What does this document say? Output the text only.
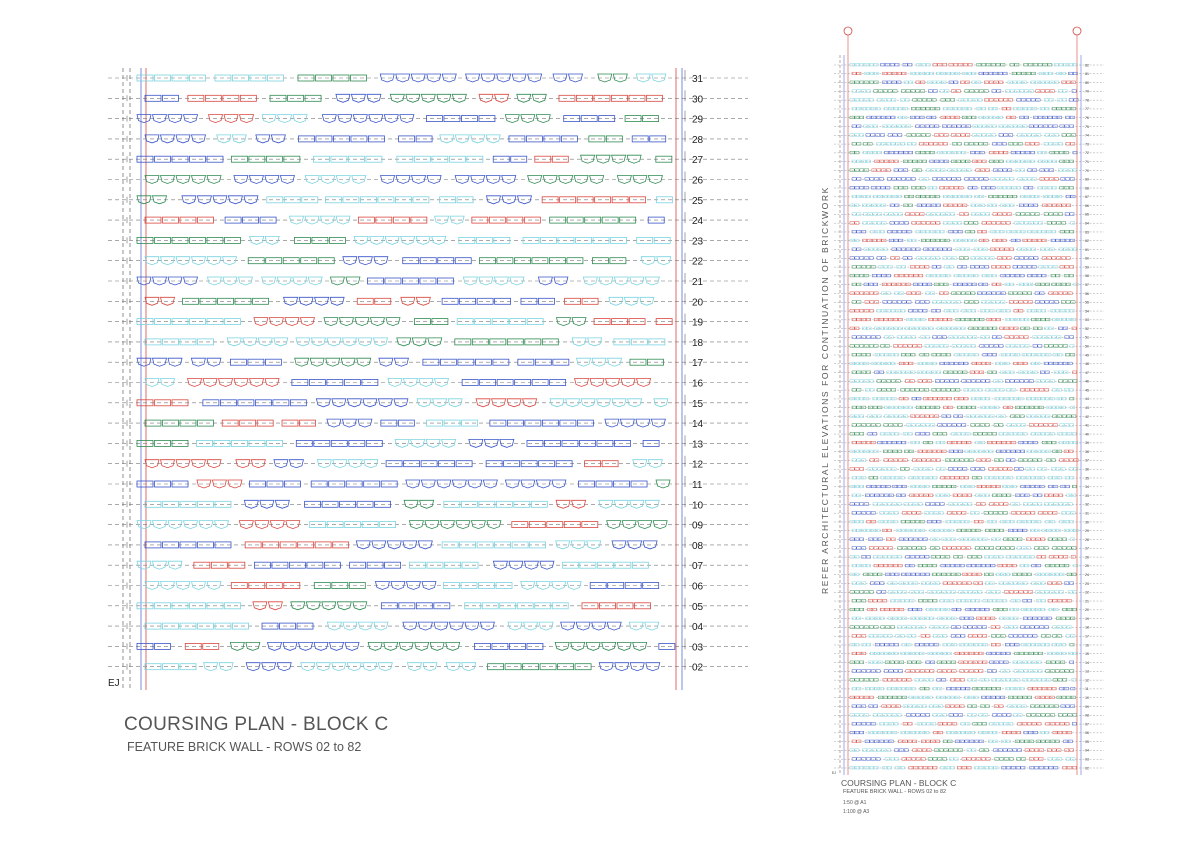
31
30
29
28
27
26
25
24
23
22
21
20
19
18
17
16
15
14
13
12
11
10
09
08
07
06
05
04
03
02
EJ
82
81
80
79
78
77
76
75
74
73
72
71
70
69
68
67
66
65
64
63
62
61
60
59
58
57
56
55
54
53
52
51
50
49
48
47
46
45
44
43
42
41
40
39
38
37
36
35
34
33
32
31
30
29
28
27
26
25
24
23
22
21
20
19
18
17
16
15
14
13
12
11
10
09
08
07
06
05
04
03
02
EJ
COURSING PLAN - BLOCK C
FEATURE BRICK WALL - ROWS 02 to 82
REFER ARCHITECTURAL ELEVATIONS FOR CONTINUATION OF BRICKWORK
COURSING PLAN - BLOCK C
FEATURE BRICK WALL - ROWS 02 to 82
1:50 @ A1
1:100 @ A3
